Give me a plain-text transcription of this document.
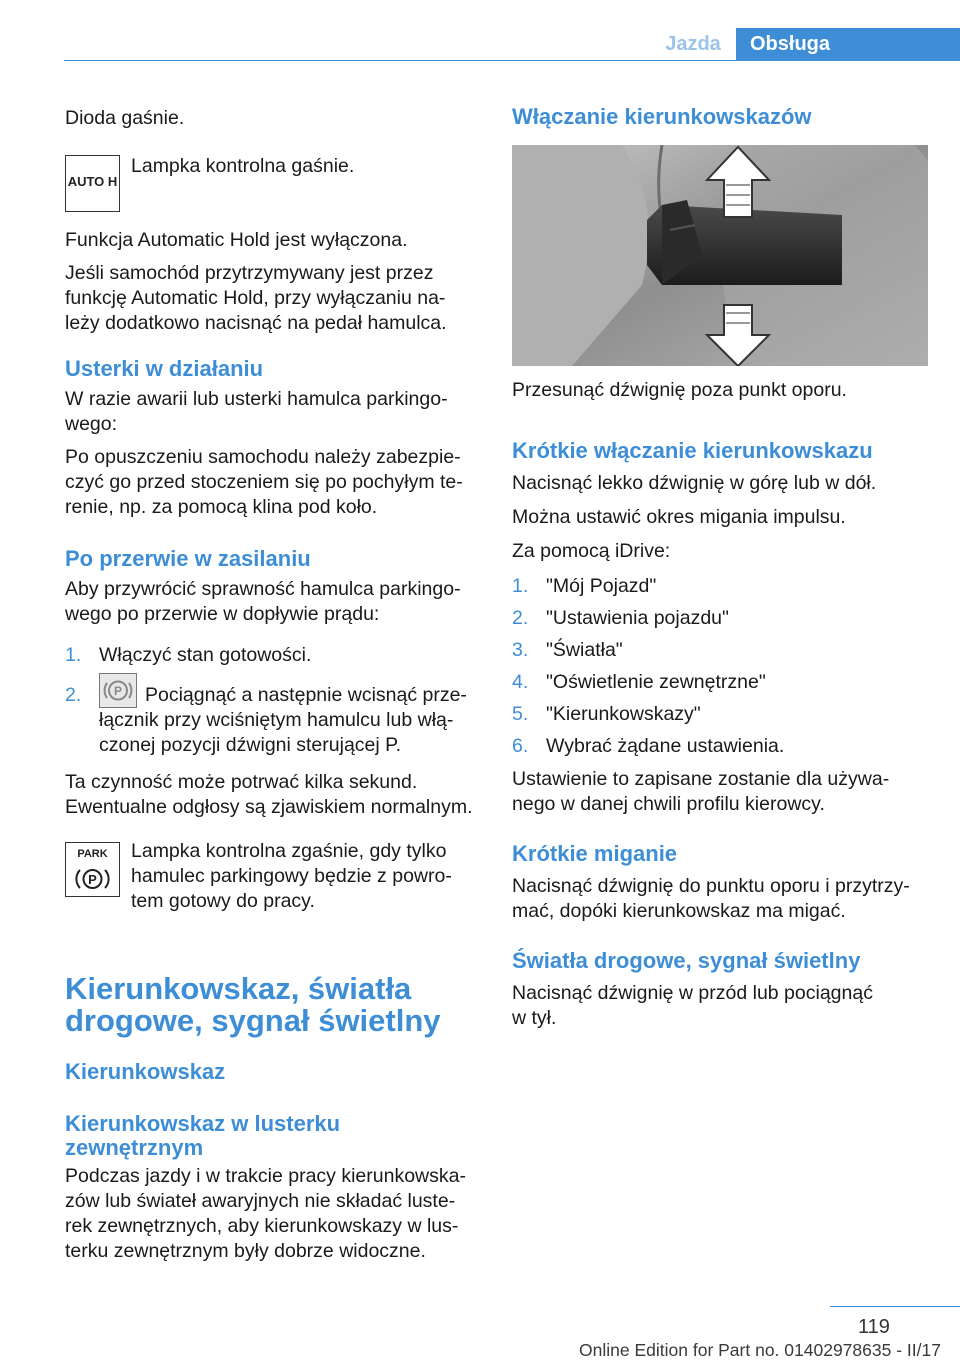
Jazda	Obsługa

Dioda gaśnie.

AUTO H

Lampka kontrolna gaśnie.

Funkcja Automatic Hold jest wyłączona.

Jeśli samochód przytrzymywany jest przez

funkcję Automatic Hold, przy wyłączaniu na-

leży dodatkowo nacisnąć na pedał hamulca.

Usterki w działaniu

W razie awarii lub usterki hamulca parkingo-

wego:

Po opuszczeniu samochodu należy zabezpie-

czyć go przed stoczeniem się po pochyłym te-

renie, np. za pomocą klina pod koło.

Po przerwie w zasilaniu

Aby przywrócić sprawność hamulca parkingo-

wego po przerwie w dopływie prądu:

1. Włączyć stan gotowości.
2.	P Pociągnąć a następnie wcisnąć prze-
łącznik przy wciśniętym hamulcu lub włą-
czonej pozycji dźwigni sterującej P.

Ta czynność może potrwać kilka sekund.

Ewentualne odgłosy są zjawiskiem normalnym.

PARK
P

Lampka kontrolna zgaśnie, gdy tylko

hamulec parkingowy będzie z powro-

tem gotowy do pracy.

Kierunkowskaz, światła
drogowe, sygnał świetlny
Kierunkowskaz
Kierunkowskaz w lusterku
zewnętrznym

Podczas jazdy i w trakcie pracy kierunkowska-

zów lub świateł awaryjnych nie składać luste-

rek zewnętrznych, aby kierunkowskazy w lus-

terku zewnętrznym były dobrze widoczne.

Włączanie kierunkowskazów

Przesunąć dźwignię poza punkt oporu.

Krótkie włączanie kierunkowskazu

Nacisnąć lekko dźwignię w górę lub w dół.

Można ustawić okres migania impulsu.

Za pomocą iDrive:

1. "Mój Pojazd"
2. "Ustawienia pojazdu"
3. "Światła"
4. "Oświetlenie zewnętrzne"
5. "Kierunkowskazy"
6. Wybrać żądane ustawienia.

Ustawienie to zapisane zostanie dla używa-

nego w danej chwili profilu kierowcy.

Krótkie miganie

Nacisnąć dźwignię do punktu oporu i przytrzy-

mać, dopóki kierunkowskaz ma migać.

Światła drogowe, sygnał świetlny

Nacisnąć dźwignię w przód lub pociągnąć

w tył.

119
Online Edition for Part no. 01402978635 - II/17
